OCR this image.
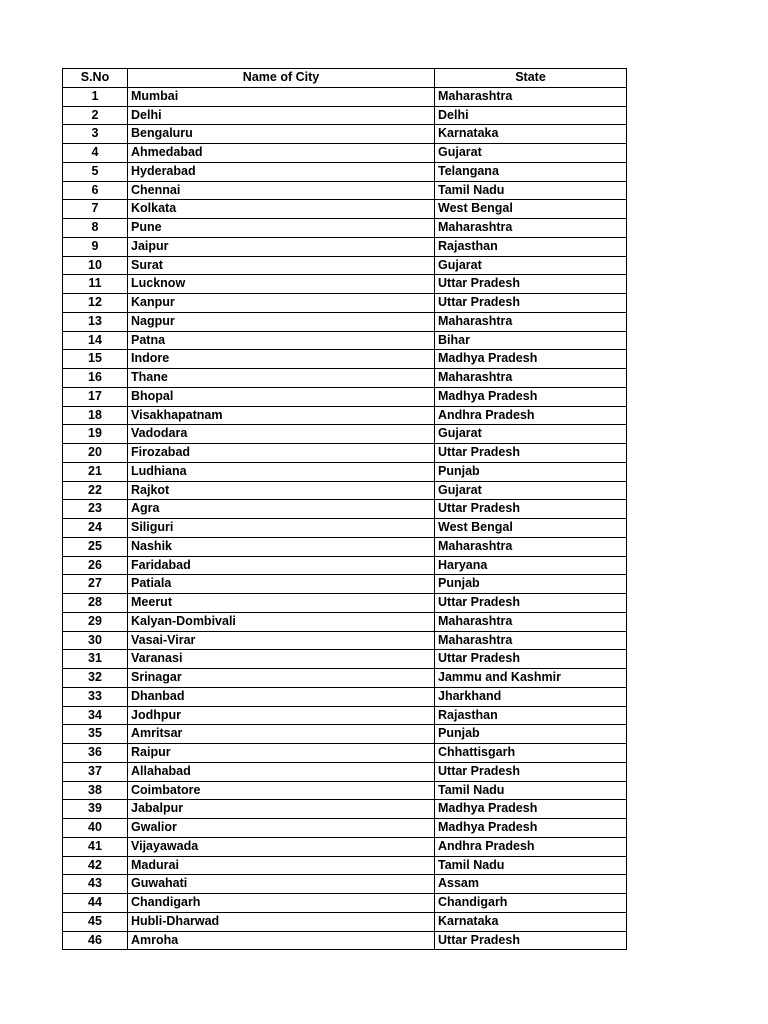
S.No	Name of City	State
1	Mumbai	Maharashtra
2	Delhi	Delhi
3	Bengaluru	Karnataka
4	Ahmedabad	Gujarat
5	Hyderabad	Telangana
6	Chennai	Tamil Nadu
7	Kolkata	West Bengal
8	Pune	Maharashtra
9	Jaipur	Rajasthan
10	Surat	Gujarat
11	Lucknow	Uttar Pradesh
12	Kanpur	Uttar Pradesh
13	Nagpur	Maharashtra
14	Patna	Bihar
15	Indore	Madhya Pradesh
16	Thane	Maharashtra
17	Bhopal	Madhya Pradesh
18	Visakhapatnam	Andhra Pradesh
19	Vadodara	Gujarat
20	Firozabad	Uttar Pradesh
21	Ludhiana	Punjab
22	Rajkot	Gujarat
23	Agra	Uttar Pradesh
24	Siliguri	West Bengal
25	Nashik	Maharashtra
26	Faridabad	Haryana
27	Patiala	Punjab
28	Meerut	Uttar Pradesh
29	Kalyan-Dombivali	Maharashtra
30	Vasai-Virar	Maharashtra
31	Varanasi	Uttar Pradesh
32	Srinagar	Jammu and Kashmir
33	Dhanbad	Jharkhand
34	Jodhpur	Rajasthan
35	Amritsar	Punjab
36	Raipur	Chhattisgarh
37	Allahabad	Uttar Pradesh
38	Coimbatore	Tamil Nadu
39	Jabalpur	Madhya Pradesh
40	Gwalior	Madhya Pradesh
41	Vijayawada	Andhra Pradesh
42	Madurai	Tamil Nadu
43	Guwahati	Assam
44	Chandigarh	Chandigarh
45	Hubli-Dharwad	Karnataka
46	Amroha	Uttar Pradesh
